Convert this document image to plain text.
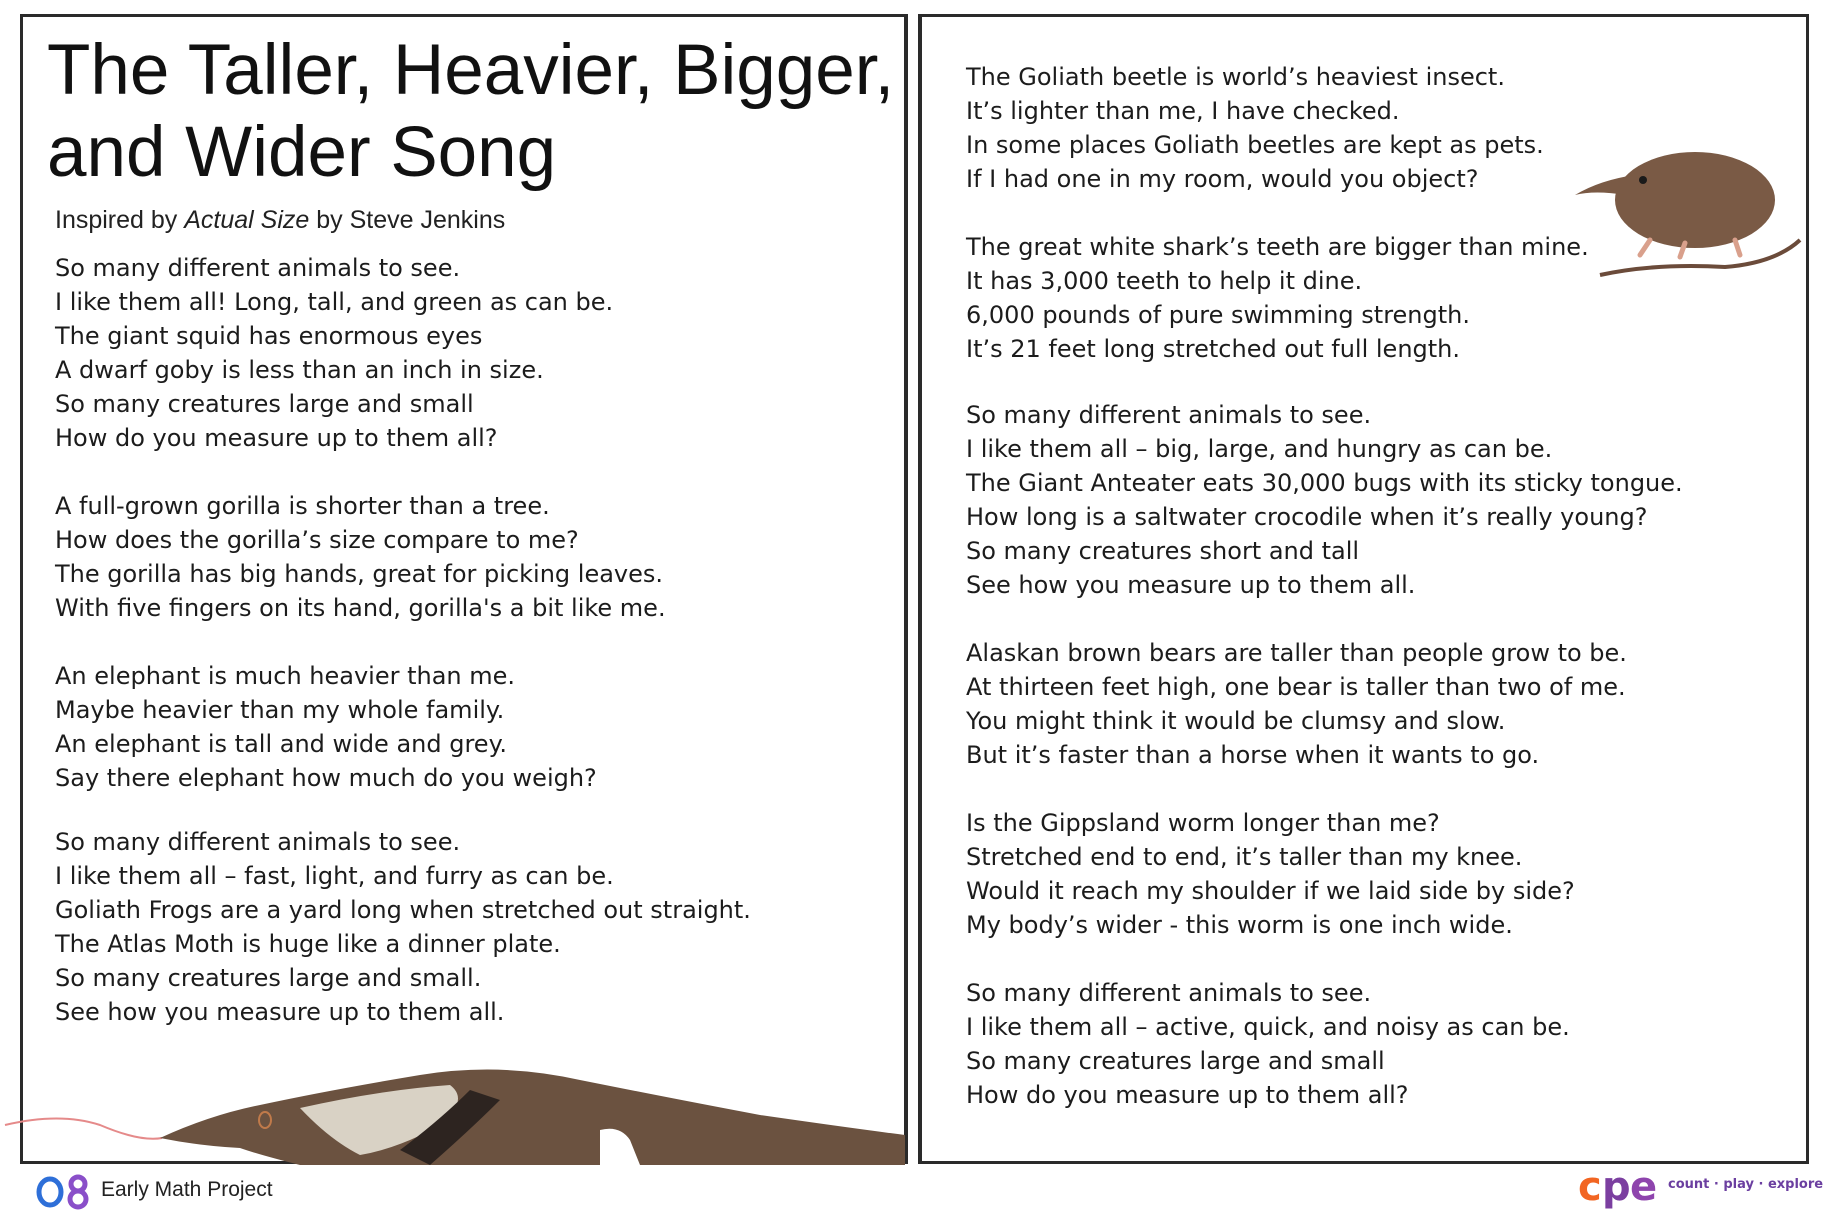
The Taller, Heavier, Bigger, and Wider Song
Inspired by Actual Size by Steve Jenkins
So many different animals to see.
I like them all! Long, tall, and green as can be.
The giant squid has enormous eyes
A dwarf goby is less than an inch in size.
So many creatures large and small
How do you measure up to them all?
A full-grown gorilla is shorter than a tree.
How does the gorilla’s size compare to me?
The gorilla has big hands, great for picking leaves.
With five fingers on its hand, gorilla's a bit like me.
An elephant is much heavier than me.
Maybe heavier than my whole family.
An elephant is tall and wide and grey.
Say there elephant how much do you weigh?
So many different animals to see.
I like them all – fast, light, and furry as can be.
Goliath Frogs are a yard long when stretched out straight.
The Atlas Moth is huge like a dinner plate.
So many creatures large and small.
See how you measure up to them all.
The Goliath beetle is world’s heaviest insect.
It’s lighter than me, I have checked.
In some places Goliath beetles are kept as pets.
If I had one in my room, would you object?
The great white shark’s teeth are bigger than mine.
It has 3,000 teeth to help it dine.
6,000 pounds of pure swimming strength.
It’s 21 feet long stretched out full length.
So many different animals to see.
I like them all – big, large, and hungry as can be.
The Giant Anteater eats 30,000 bugs with its sticky tongue.
How long is a saltwater crocodile when it’s really young?
So many creatures short and tall
See how you measure up to them all.
Alaskan brown bears are taller than people grow to be.
At thirteen feet high, one bear is taller than two of me.
You might think it would be clumsy and slow.
But it’s faster than a horse when it wants to go.
Is the Gippsland worm longer than me?
Stretched end to end, it’s taller than my knee.
Would it reach my shoulder if we laid side by side?
My body’s wider - this worm is one inch wide.
So many different animals to see.
I like them all – active, quick, and noisy as can be.
So many creatures large and small
How do you measure up to them all?
Early Math Project	c p e count · play · explore
